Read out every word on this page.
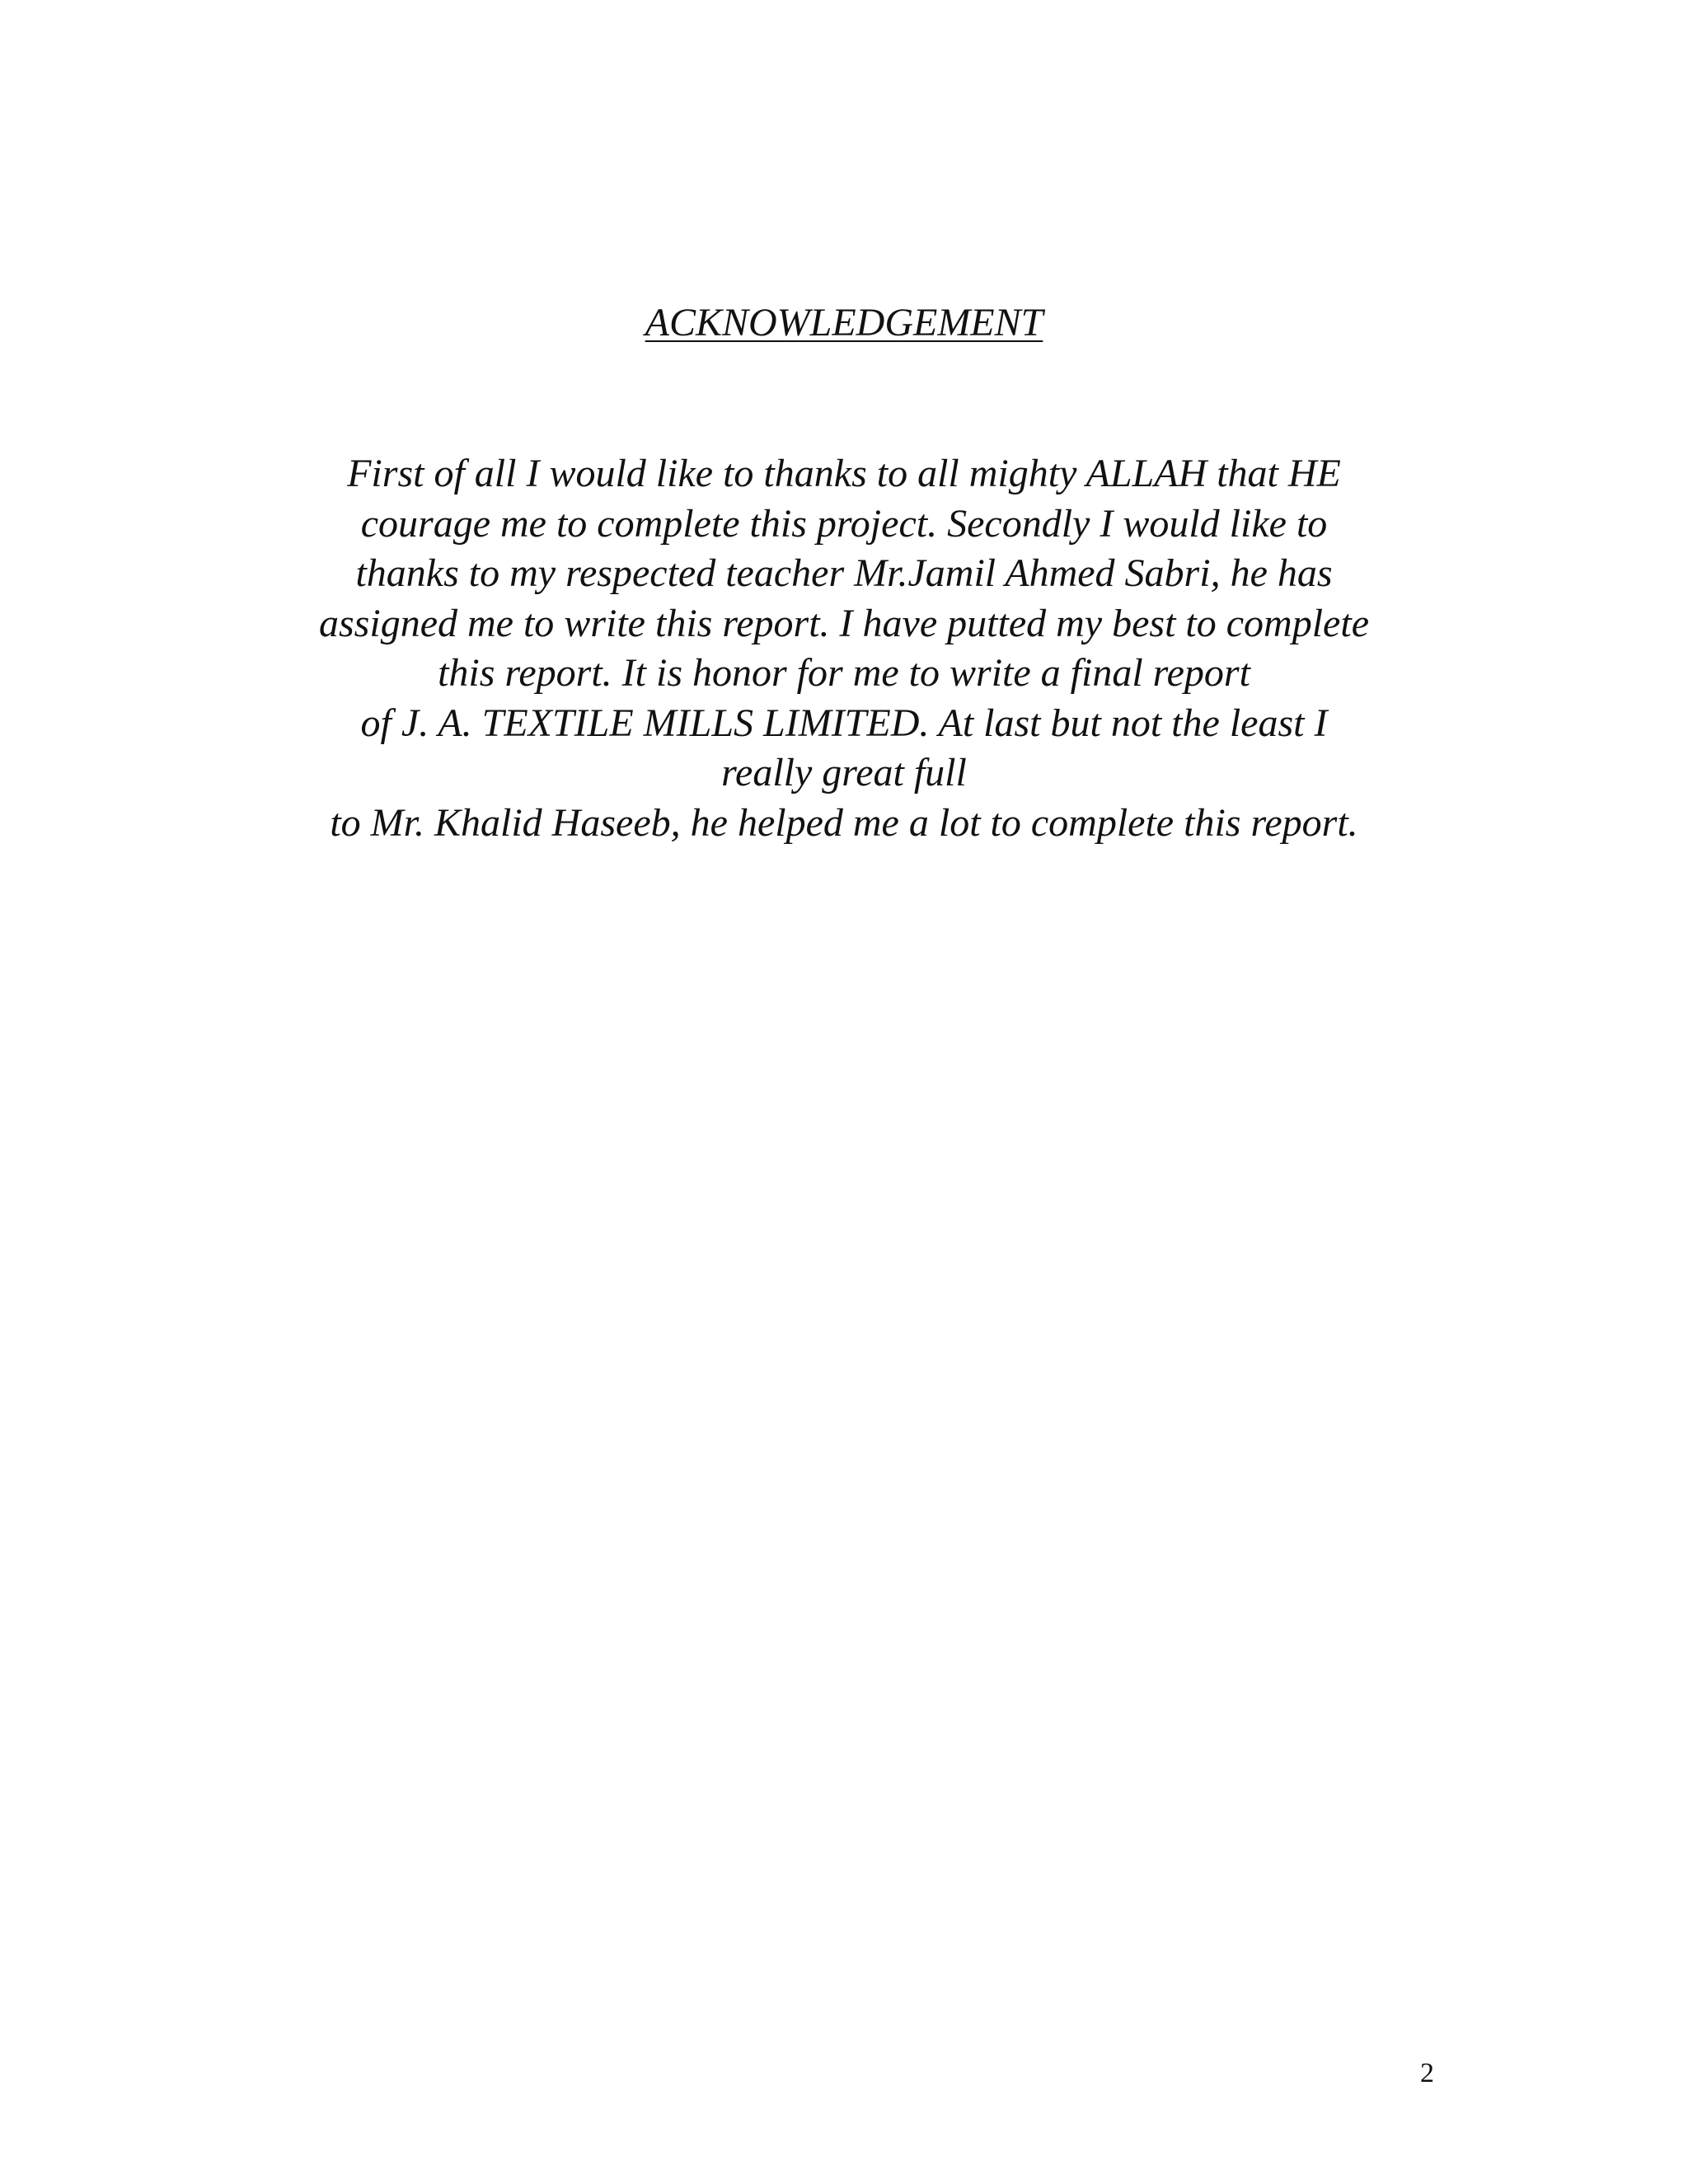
ACKNOWLEDGEMENT

First of all I would like to thanks to all mighty ALLAH that HE
courage me to complete this project. Secondly I would like to
thanks to my respected teacher Mr.Jamil Ahmed Sabri, he has
assigned me to write this report. I have putted my best to complete
this report. It is honor for me to write a final report
of J. A. TEXTILE MILLS LIMITED. At last but not the least I
really great full
to Mr. Khalid Haseeb, he helped me a lot to complete this report.

2
